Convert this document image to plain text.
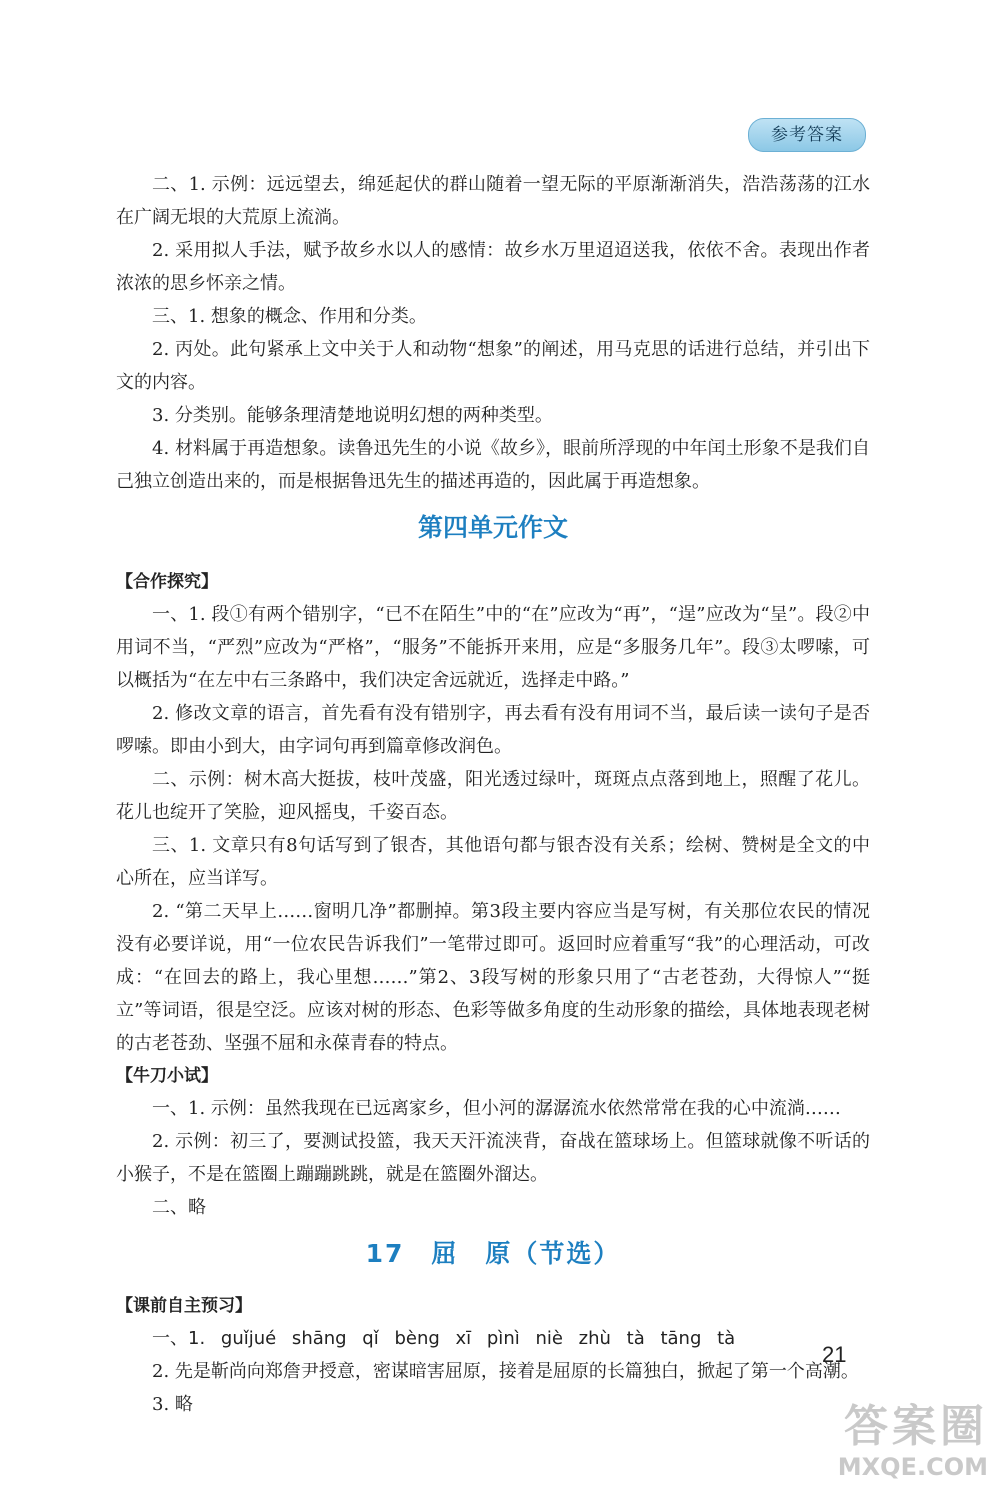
参考答案

二、1. 示例：远远望去，绵延起伏的群山随着一望无际的平原渐渐消失，浩浩荡荡的江水在广阔无垠的大荒原上流淌。

2. 采用拟人手法，赋予故乡水以人的感情：故乡水万里迢迢送我，依依不舍。表现出作者浓浓的思乡怀亲之情。

三、1. 想象的概念、作用和分类。

2. 丙处。此句紧承上文中关于人和动物“想象”的阐述，用马克思的话进行总结，并引出下文的内容。

3. 分类别。能够条理清楚地说明幻想的两种类型。

4. 材料属于再造想象。读鲁迅先生的小说《故乡》，眼前所浮现的中年闰土形象不是我们自己独立创造出来的，而是根据鲁迅先生的描述再造的，因此属于再造想象。

第四单元作文

【合作探究】

一、1. 段①有两个错别字，“已不在陌生”中的“在”应改为“再”，“逞”应改为“呈”。段②中用词不当，“严烈”应改为“严格”，“服务”不能拆开来用，应是“多服务几年”。段③太啰嗦，可以概括为“在左中右三条路中，我们决定舍远就近，选择走中路。”

2. 修改文章的语言，首先看有没有错别字，再去看有没有用词不当，最后读一读句子是否啰嗦。即由小到大，由字词句再到篇章修改润色。

二、示例：树木高大挺拔，枝叶茂盛，阳光透过绿叶，斑斑点点落到地上，照醒了花儿。花儿也绽开了笑脸，迎风摇曳，千姿百态。

三、1. 文章只有8句话写到了银杏，其他语句都与银杏没有关系；绘树、赞树是全文的中心所在，应当详写。

2. “第二天早上……窗明几净”都删掉。第3段主要内容应当是写树，有关那位农民的情况没有必要详说，用“一位农民告诉我们”一笔带过即可。返回时应着重写“我”的心理活动，可改成：“在回去的路上，我心里想……”第2、3段写树的形象只用了“古老苍劲，大得惊人”“挺立”等词语，很是空泛。应该对树的形态、色彩等做多角度的生动形象的描绘，具体地表现老树的古老苍劲、坚强不屈和永葆青春的特点。

【牛刀小试】

一、1. 示例：虽然我现在已远离家乡，但小河的潺潺流水依然常常在我的心中流淌……

2. 示例：初三了，要测试投篮，我天天汗流浃背，奋战在篮球场上。但篮球就像不听话的小猴子，不是在篮圈上蹦蹦跳跳，就是在篮圈外溜达。

二、略

17　屈　原（节选）

【课前自主预习】

一、1. guǐjué shāng qǐ bèng xī pìnì niè zhù tà tāng tà

2. 先是靳尚向郑詹尹授意，密谋暗害屈原，接着是屈原的长篇独白，掀起了第一个高潮。

3. 略

21
答案圈
MXQE.COM
